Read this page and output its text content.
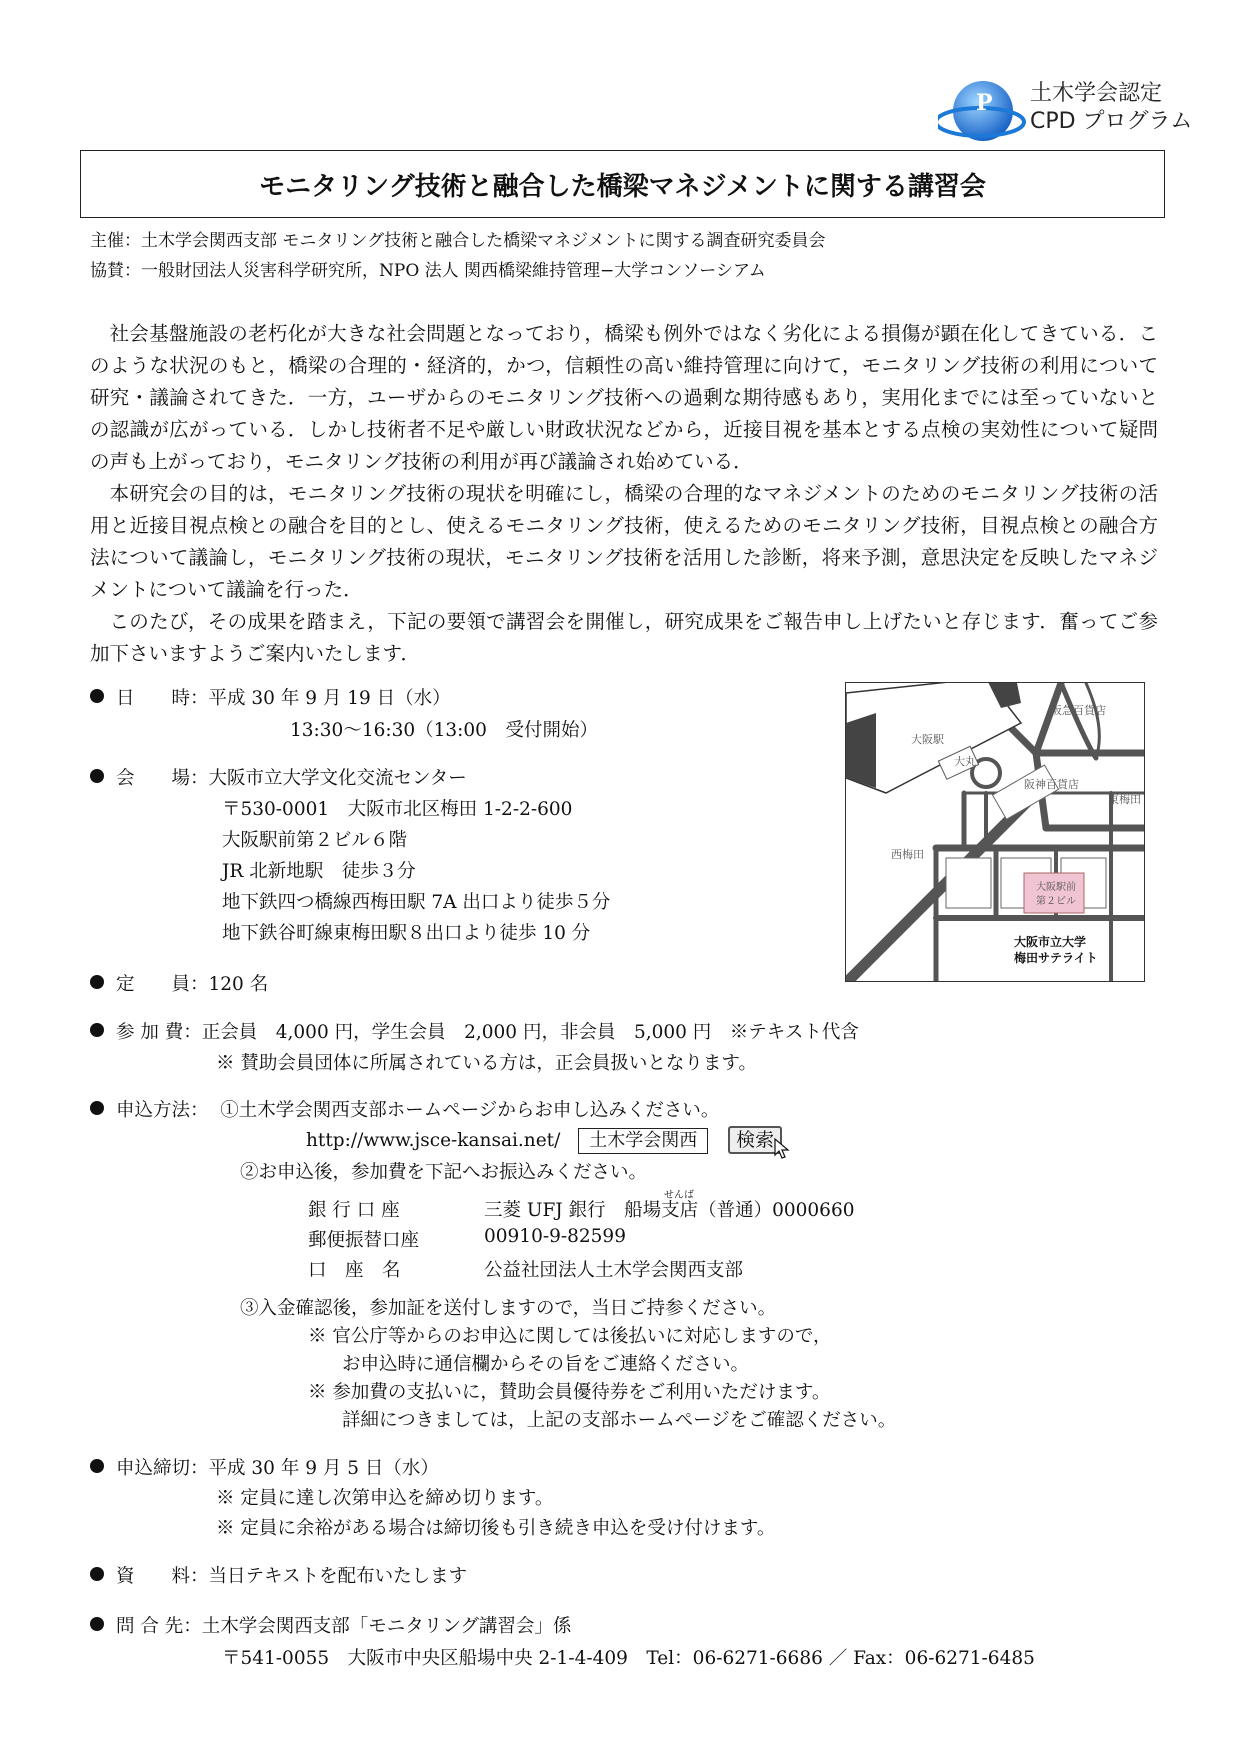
P 土木学会認定
CPD プログラム
モニタリング技術と融合した橋梁マネジメントに関する講習会
主催：土木学会関西支部 モニタリング技術と融合した橋梁マネジメントに関する調査研究委員会
協賛：一般財団法人災害科学研究所，NPO 法人 関西橋梁維持管理−大学コンソーシアム

社会基盤施設の老朽化が大きな社会問題となっており，橋梁も例外ではなく劣化による損傷が顕在化してきている．このような状況のもと，橋梁の合理的・経済的，かつ，信頼性の高い維持管理に向けて，モニタリング技術の利用について研究・議論されてきた．一方，ユーザからのモニタリング技術への過剰な期待感もあり，実用化までには至っていないとの認識が広がっている．しかし技術者不足や厳しい財政状況などから，近接目視を基本とする点検の実効性について疑問の声も上がっており，モニタリング技術の利用が再び議論され始めている．

本研究会の目的は，モニタリング技術の現状を明確にし，橋梁の合理的なマネジメントのためのモニタリング技術の活用と近接目視点検との融合を目的とし、使えるモニタリング技術，使えるためのモニタリング技術，目視点検との融合方法について議論し，モニタリング技術の現状，モニタリング技術を活用した診断，将来予測，意思決定を反映したマネジメントについて議論を行った．

このたび，その成果を踏まえ，下記の要領で講習会を開催し，研究成果をご報告申し上げたいと存じます．奮ってご参加下さいますようご案内いたします．

日　　時：平成 30 年 9 月 19 日（水）
13:30～16:30（13:00　受付開始）
会　　場：大阪市立大学文化交流センター
〒530-0001　大阪市北区梅田 1-2-2-600
大阪駅前第２ビル６階
JR 北新地駅　徒歩３分
地下鉄四つ橋線西梅田駅 7A 出口より徒歩５分
地下鉄谷町線東梅田駅８出口より徒歩 10 分
阪急百貨店
大阪駅
大丸
阪神百貨店
東梅田
西梅田
大阪駅前
第２ビル
大阪市立大学
梅田サテライト
定　　員：120 名
参 加 費：正会員　4,000 円，学生会員　2,000 円，非会員　5,000 円　※テキスト代含
※ 賛助会員団体に所属されている方は，正会員扱いとなります。
申込方法： ①土木学会関西支部ホームページからお申し込みください。
http://www.jsce-kansai.net/ 土木学会関西 検索
②お申込後，参加費を下記へお振込みください。
銀 行 口 座	三菱 UFJ 銀行　船場支店（普通）0000660
せんば
郵便振替口座	00910-9-82599
口　座　名	公益社団法人土木学会関西支部
③入金確認後，参加証を送付しますので，当日ご持参ください。
※ 官公庁等からのお申込に関しては後払いに対応しますので，
お申込時に通信欄からその旨をご連絡ください。
※ 参加費の支払いに，賛助会員優待券をご利用いただけます。
詳細につきましては，上記の支部ホームページをご確認ください。
申込締切：平成 30 年 9 月 5 日（水）
※ 定員に達し次第申込を締め切ります。
※ 定員に余裕がある場合は締切後も引き続き申込を受け付けます。
資　　料：当日テキストを配布いたします
問 合 先：土木学会関西支部「モニタリング講習会」係
〒541-0055　大阪市中央区船場中央 2-1-4-409　Tel：06-6271-6686 ／ Fax：06-6271-6485
